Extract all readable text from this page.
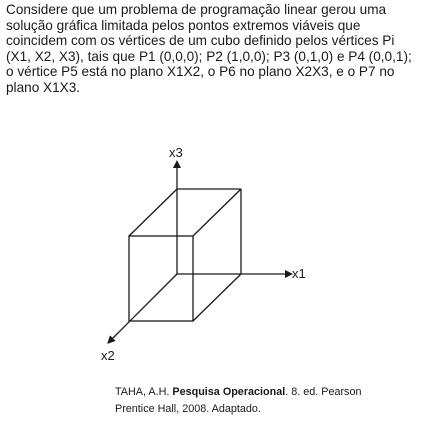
Considere que um problema de programação linear gerou uma solução gráfica limitada pelos pontos extremos viáveis que coincidem com os vértices de um cubo definido pelos vértices Pi (X1, X2, X3), tais que P1 (0,0,0); P2 (1,0,0); P3 (0,1,0) e P4 (0,0,1); o vértice P5 está no plano X1X2, o P6 no plano X2X3, e o P7 no plano X1X3.

x3
x1
x2
TAHA, A.H. Pesquisa Operacional. 8. ed. Pearson
Prentice Hall, 2008. Adaptado.
